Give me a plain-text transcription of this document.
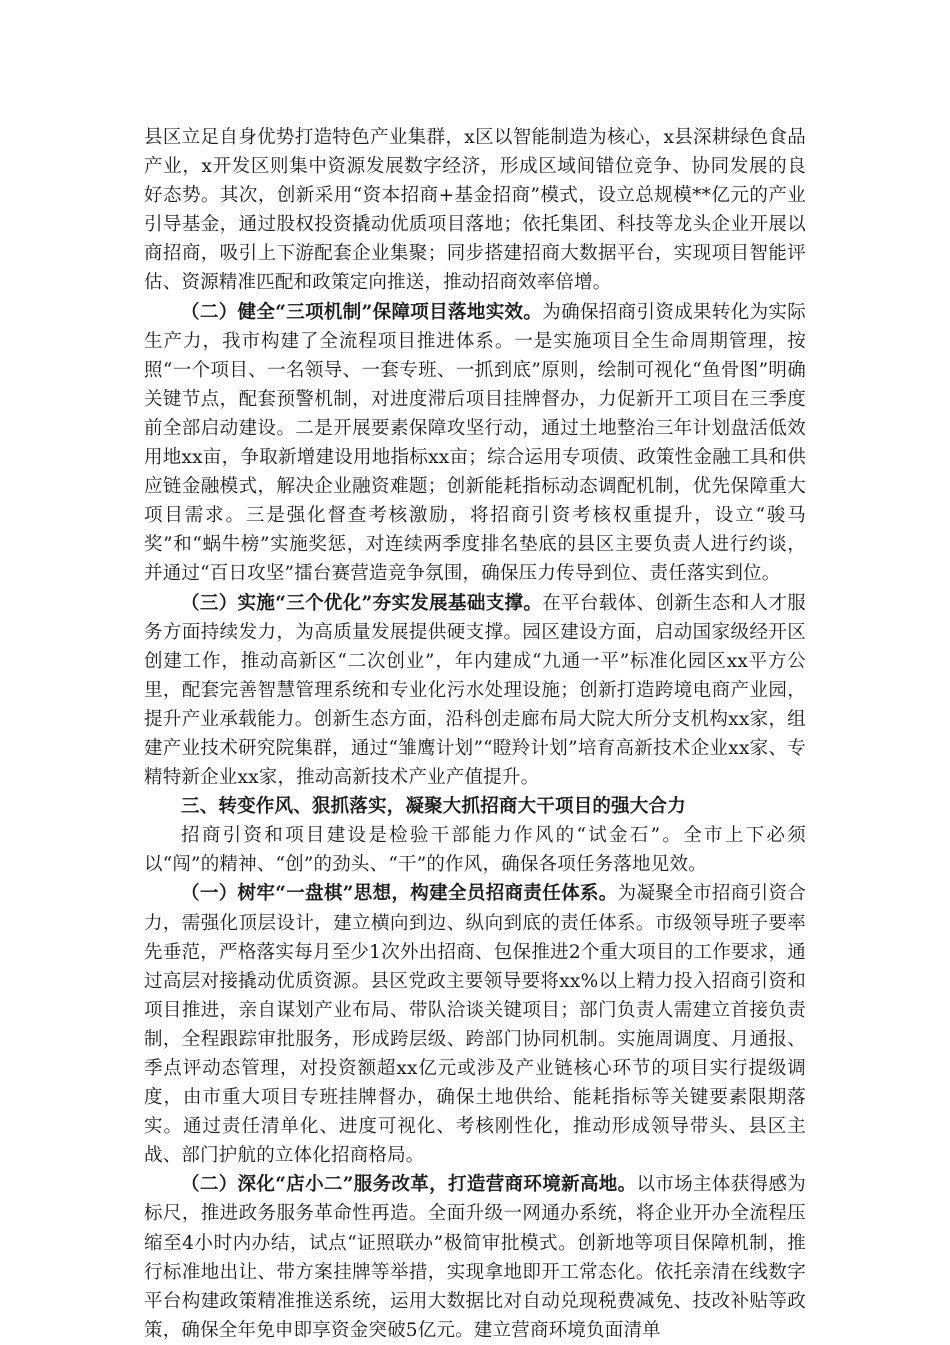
县区立足自身优势打造特色产业集群，x区以智能制造为核心，x县深耕绿色食品产业，x开发区则集中资源发展数字经济，形成区域间错位竞争、协同发展的良好态势。其次，创新采用“资本招商+基金招商”模式，设立总规模**亿元的产业引导基金，通过股权投资撬动优质项目落地；依托集团、科技等龙头企业开展以商招商，吸引上下游配套企业集聚；同步搭建招商大数据平台，实现项目智能评估、资源精准匹配和政策定向推送，推动招商效率倍增。

（二）健全“三项机制”保障项目落地实效。为确保招商引资成果转化为实际生产力，我市构建了全流程项目推进体系。一是实施项目全生命周期管理，按照“一个项目、一名领导、一套专班、一抓到底”原则，绘制可视化“鱼骨图”明确关键节点，配套预警机制，对进度滞后项目挂牌督办，力促新开工项目在三季度前全部启动建设。二是开展要素保障攻坚行动，通过土地整治三年计划盘活低效用地xx亩，争取新增建设用地指标xx亩；综合运用专项债、政策性金融工具和供应链金融模式，解决企业融资难题；创新能耗指标动态调配机制，优先保障重大项目需求。三是强化督查考核激励，将招商引资考核权重提升，设立“骏马奖”和“蜗牛榜”实施奖惩，对连续两季度排名垫底的县区主要负责人进行约谈，并通过“百日攻坚”擂台赛营造竞争氛围，确保压力传导到位、责任落实到位。

（三）实施“三个优化”夯实发展基础支撑。在平台载体、创新生态和人才服务方面持续发力，为高质量发展提供硬支撑。园区建设方面，启动国家级经开区创建工作，推动高新区“二次创业”，年内建成“九通一平”标准化园区xx平方公里，配套完善智慧管理系统和专业化污水处理设施；创新打造跨境电商产业园，提升产业承载能力。创新生态方面，沿科创走廊布局大院大所分支机构xx家，组建产业技术研究院集群，通过“雏鹰计划”“瞪羚计划”培育高新技术企业xx家、专精特新企业xx家，推动高新技术产业产值提升。

三、转变作风、狠抓落实，凝聚大抓招商大干项目的强大合力

招商引资和项目建设是检验干部能力作风的“试金石”。全市上下必须以“闯”的精神、“创”的劲头、“干”的作风，确保各项任务落地见效。

（一）树牢“一盘棋”思想，构建全员招商责任体系。为凝聚全市招商引资合力，需强化顶层设计，建立横向到边、纵向到底的责任体系。市级领导班子要率先垂范，严格落实每月至少1次外出招商、包保推进2个重大项目的工作要求，通过高层对接撬动优质资源。县区党政主要领导要将xx%以上精力投入招商引资和项目推进，亲自谋划产业布局、带队洽谈关键项目；部门负责人需建立首接负责制，全程跟踪审批服务，形成跨层级、跨部门协同机制。实施周调度、月通报、季点评动态管理，对投资额超xx亿元或涉及产业链核心环节的项目实行提级调度，由市重大项目专班挂牌督办，确保土地供给、能耗指标等关键要素限期落实。通过责任清单化、进度可视化、考核刚性化，推动形成领导带头、县区主战、部门护航的立体化招商格局。

（二）深化“店小二”服务改革，打造营商环境新高地。以市场主体获得感为标尺，推进政务服务革命性再造。全面升级一网通办系统，将企业开办全流程压缩至4小时内办结，试点“证照联办”极简审批模式。创新地等项目保障机制，推行标准地出让、带方案挂牌等举措，实现拿地即开工常态化。依托亲清在线数字平台构建政策精准推送系统，运用大数据比对自动兑现税费减免、技改补贴等政策，确保全年免申即享资金突破5亿元。建立营商环境负面清单
